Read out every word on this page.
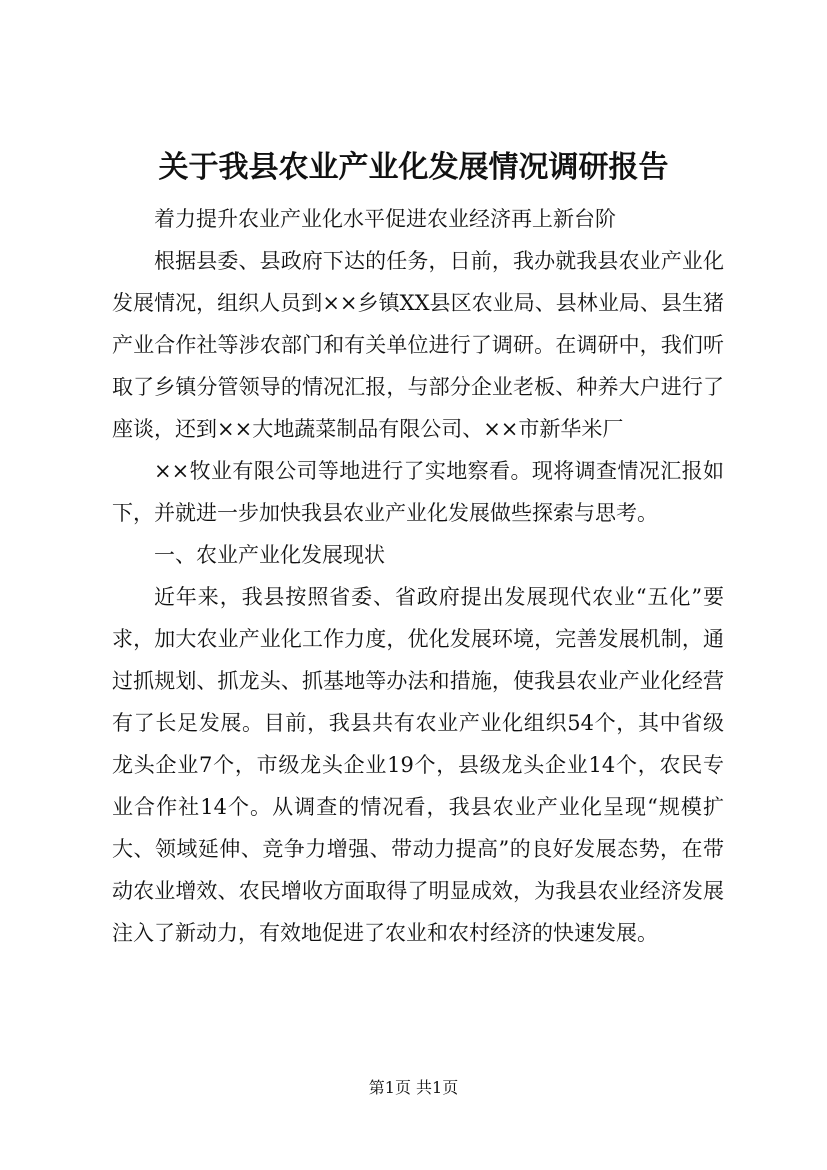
关于我县农业产业化发展情况调研报告

着力提升农业产业化水平促进农业经济再上新台阶

根据县委、县政府下达的任务，日前，我办就我县农业产业化发展情况，组织人员到××乡镇XX县区农业局、县林业局、县生猪产业合作社等涉农部门和有关单位进行了调研。在调研中，我们听取了乡镇分管领导的情况汇报，与部分企业老板、种养大户进行了座谈，还到××大地蔬菜制品有限公司、××市新华米厂

××牧业有限公司等地进行了实地察看。现将调查情况汇报如下，并就进一步加快我县农业产业化发展做些探索与思考。

一、农业产业化发展现状

近年来，我县按照省委、省政府提出发展现代农业“五化”要求，加大农业产业化工作力度，优化发展环境，完善发展机制，通过抓规划、抓龙头、抓基地等办法和措施，使我县农业产业化经营有了长足发展。目前，我县共有农业产业化组织54个，其中省级龙头企业7个，市级龙头企业19个，县级龙头企业14个，农民专业合作社14个。从调查的情况看，我县农业产业化呈现“规模扩大、领域延伸、竞争力增强、带动力提高”的良好发展态势，在带动农业增效、农民增收方面取得了明显成效，为我县农业经济发展注入了新动力，有效地促进了农业和农村经济的快速发展。

第1页 共1页
